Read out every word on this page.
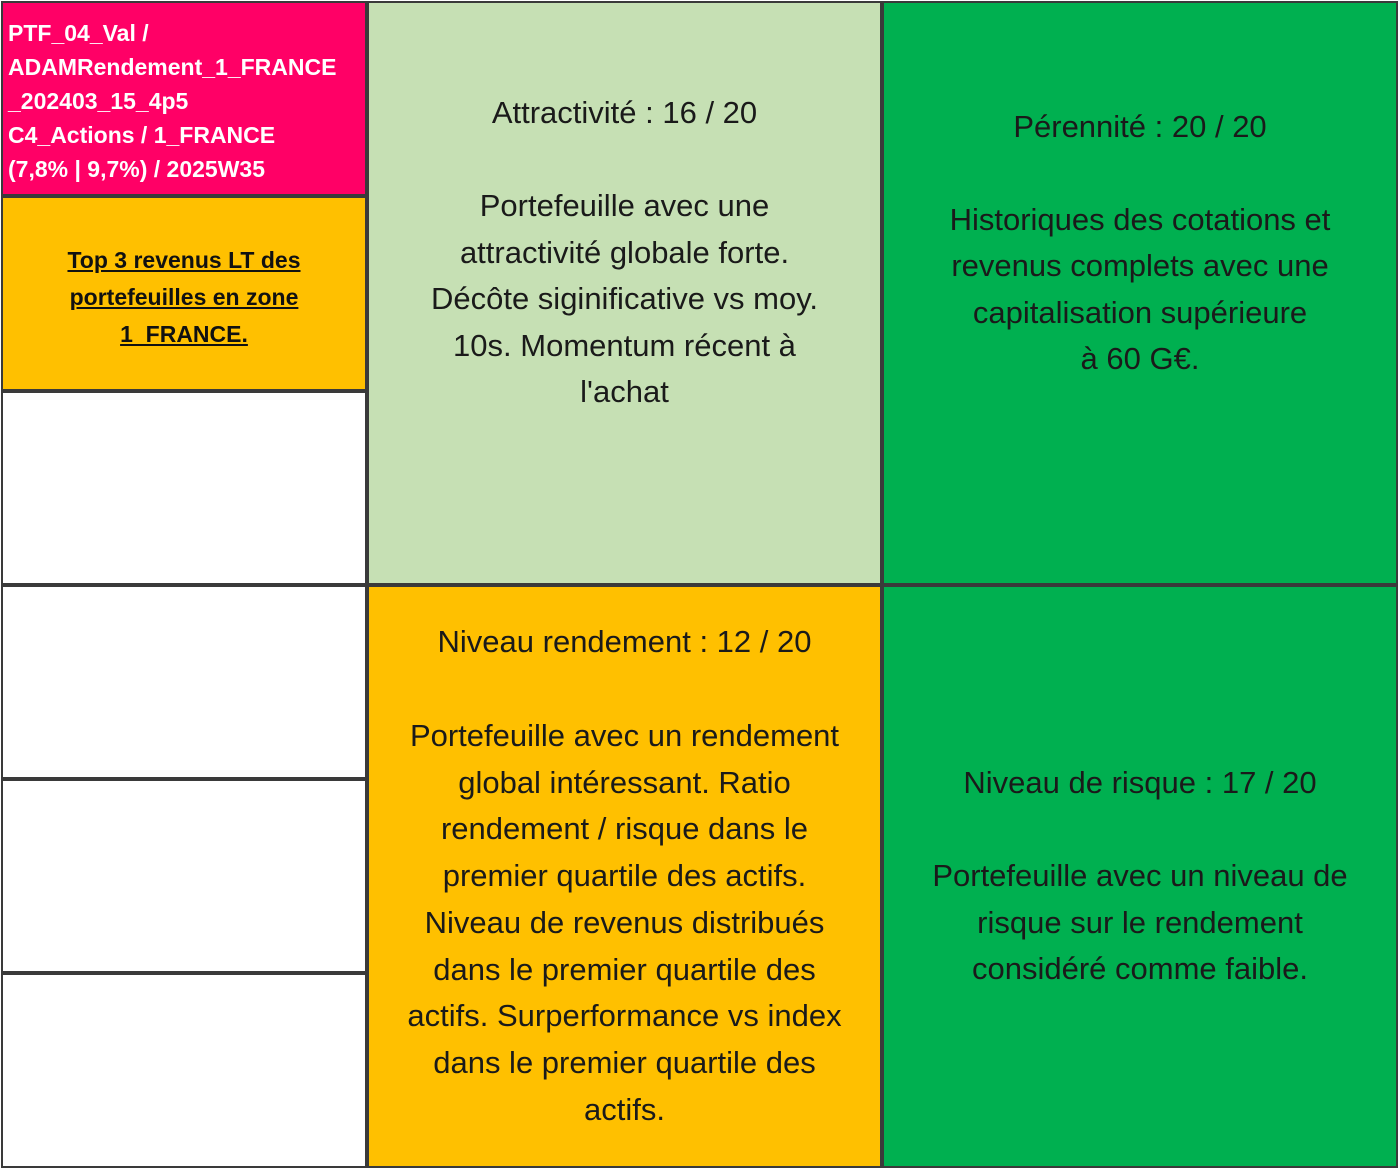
PTF_04_Val /
ADAMRendement_1_FRANCE
_202403_15_4p5
C4_Actions / 1_FRANCE
(7,8% | 9,7%) / 2025W35
Top 3 revenus LT des
portefeuilles en zone
1_FRANCE.
Attractivité : 16 / 20
Portefeuille avec une
attractivité globale forte.
Décôte siginificative vs moy.
10s. Momentum récent à
l'achat
Pérennité : 20 / 20
Historiques des cotations et
revenus complets avec une
capitalisation supérieure
à 60 G€.
Niveau rendement : 12 / 20
Portefeuille avec un rendement
global intéressant. Ratio
rendement / risque dans le
premier quartile des actifs.
Niveau de revenus distribués
dans le premier quartile des
actifs. Surperformance vs index
dans le premier quartile des
actifs.
Niveau de risque : 17 / 20
Portefeuille avec un niveau de
risque sur le rendement
considéré comme faible.
